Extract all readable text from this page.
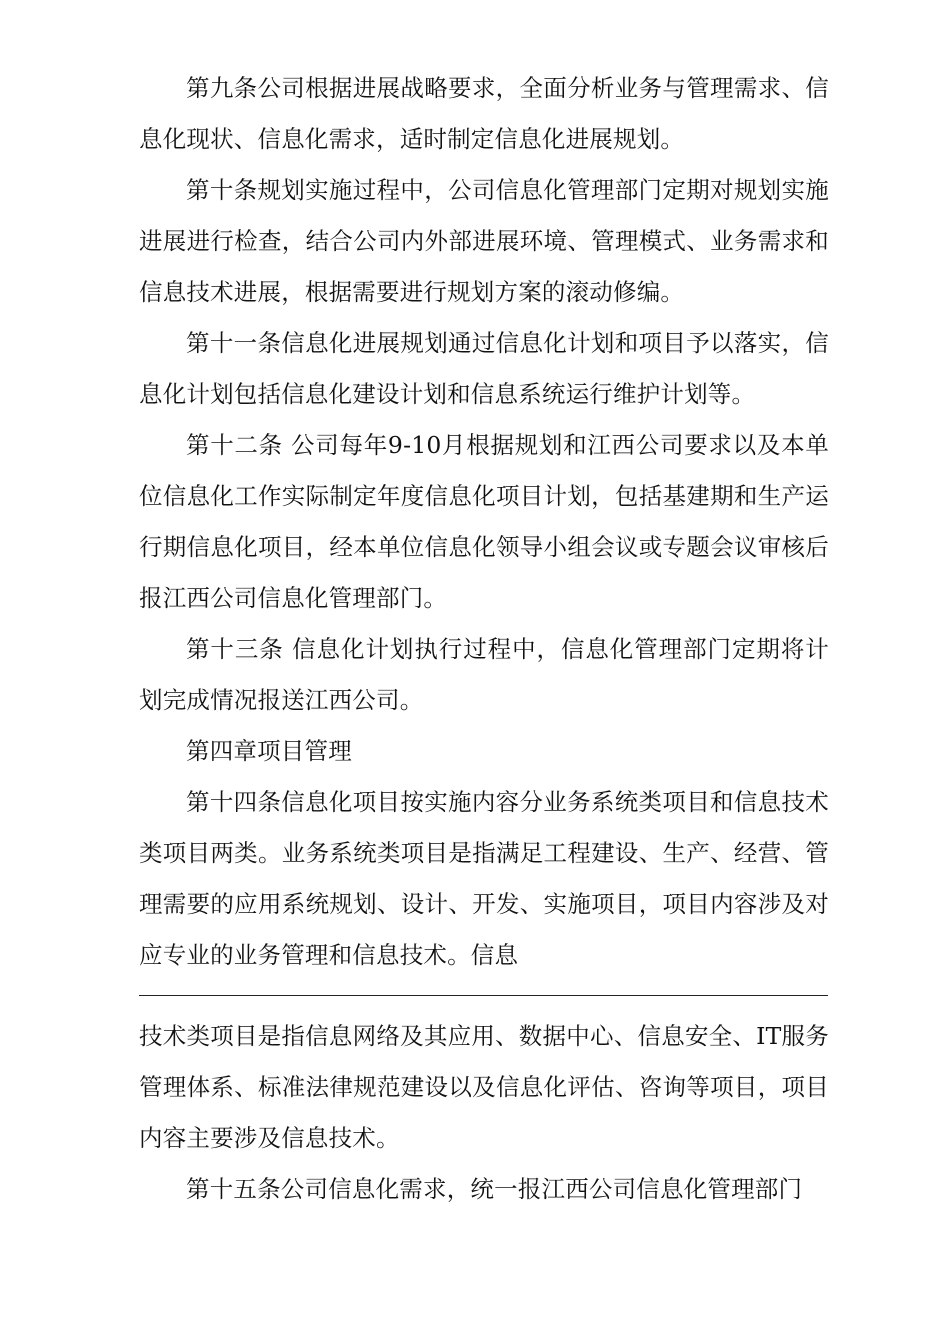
第九条公司根据进展战略要求，全面分析业务与管理需求、信息化现状、信息化需求，适时制定信息化进展规划。

第十条规划实施过程中，公司信息化管理部门定期对规划实施进展进行检查，结合公司内外部进展环境、管理模式、业务需求和信息技术进展，根据需要进行规划方案的滚动修编。

第十一条信息化进展规划通过信息化计划和项目予以落实，信息化计划包括信息化建设计划和信息系统运行维护计划等。

第十二条 公司每年9-10月根据规划和江西公司要求以及本单位信息化工作实际制定年度信息化项目计划，包括基建期和生产运行期信息化项目，经本单位信息化领导小组会议或专题会议审核后报江西公司信息化管理部门。

第十三条 信息化计划执行过程中，信息化管理部门定期将计划完成情况报送江西公司。

第四章项目管理

第十四条信息化项目按实施内容分业务系统类项目和信息技术类项目两类。业务系统类项目是指满足工程建设、生产、经营、管理需要的应用系统规划、设计、开发、实施项目，项目内容涉及对应专业的业务管理和信息技术。信息

技术类项目是指信息网络及其应用、数据中心、信息安全、IT服务管理体系、标准法律规范建设以及信息化评估、咨询等项目，项目内容主要涉及信息技术。

第十五条公司信息化需求，统一报江西公司信息化管理部门
